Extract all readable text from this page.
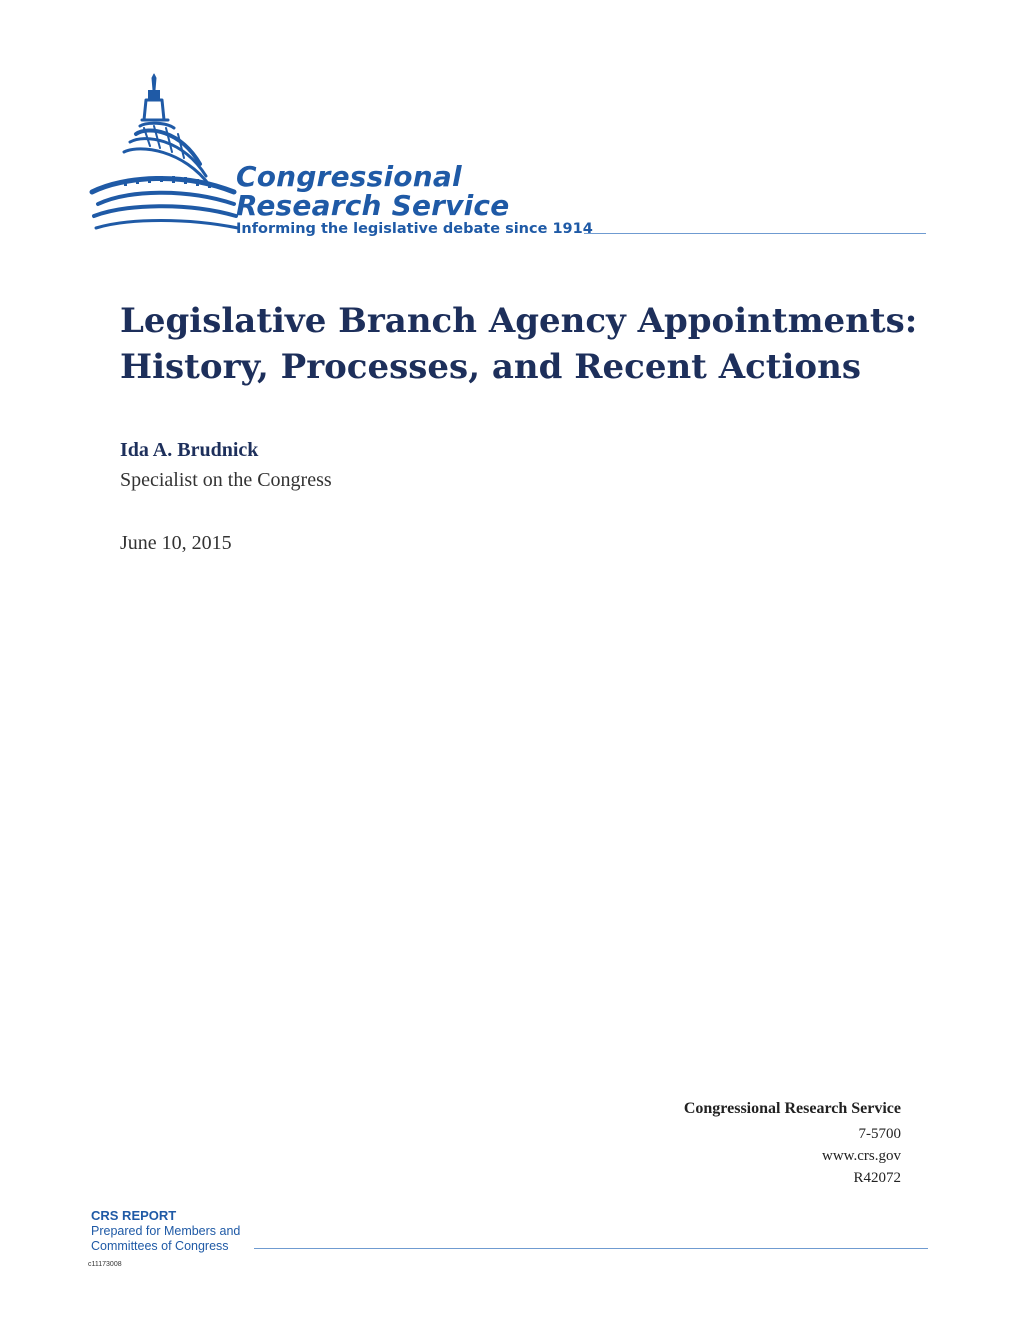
Congressional
Research Service
Informing the legislative debate since 1914
Legislative Branch Agency Appointments:
History, Processes, and Recent Actions
Ida A. Brudnick
Specialist on the Congress
June 10, 2015
Congressional Research Service
7-5700
www.crs.gov
R42072
CRS REPORT
Prepared for Members and
Committees of Congress
c11173008
